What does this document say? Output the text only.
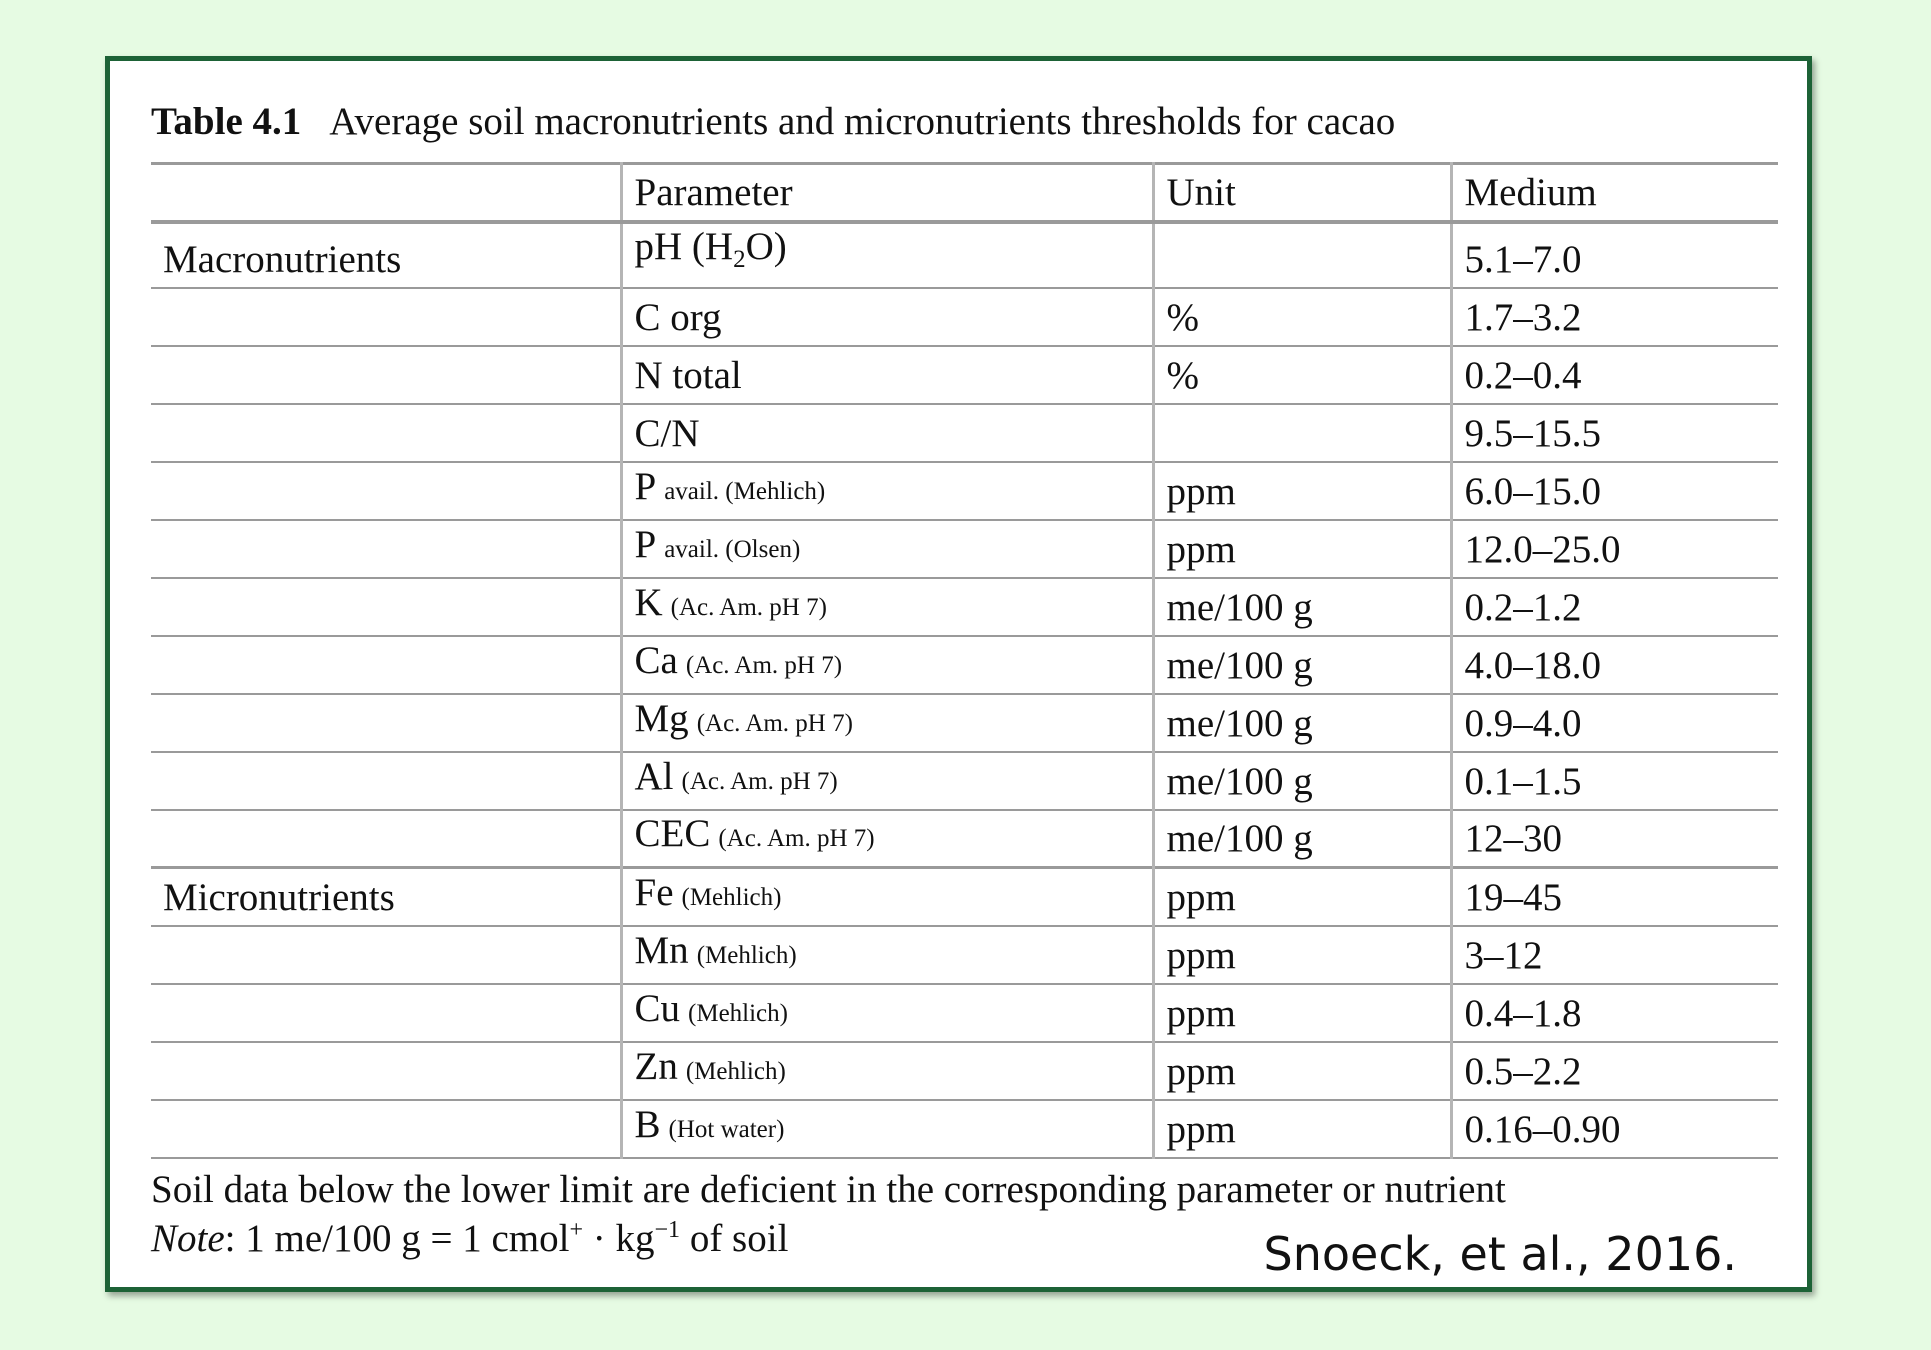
Table 4.1 Average soil macronutrients and micronutrients thresholds for cacao
	Parameter	Unit	Medium
Macronutrients	pH $(H_2O)$		5.1–7.0
	C org	%	1.7–3.2
	N total	%	0.2–0.4
	C/N		9.5–15.5
	P avail. (Mehlich)	ppm	6.0–15.0
	P avail. (Olsen)	ppm	12.0–25.0
	K (Ac. Am. pH 7)	me/100 g	0.2–1.2
	Ca (Ac. Am. pH 7)	me/100 g	4.0–18.0
	Mg (Ac. Am. pH 7)	me/100 g	0.9–4.0
	Al (Ac. Am. pH 7)	me/100 g	0.1–1.5
	CEC (Ac. Am. pH 7)	me/100 g	12–30
Micronutrients	Fe (Mehlich)	ppm	19–45
	Mn (Mehlich)	ppm	3–12
	Cu (Mehlich)	ppm	0.4–1.8
	Zn (Mehlich)	ppm	0.5–2.2
	B (Hot water)	ppm	0.16–0.90
Soil data below the lower limit are deficient in the corresponding parameter or nutrient
Note: 1 me/100 g = 1 cmol+ · $kg^{-1}$ of soil	Snoeck, et al., 2016.
